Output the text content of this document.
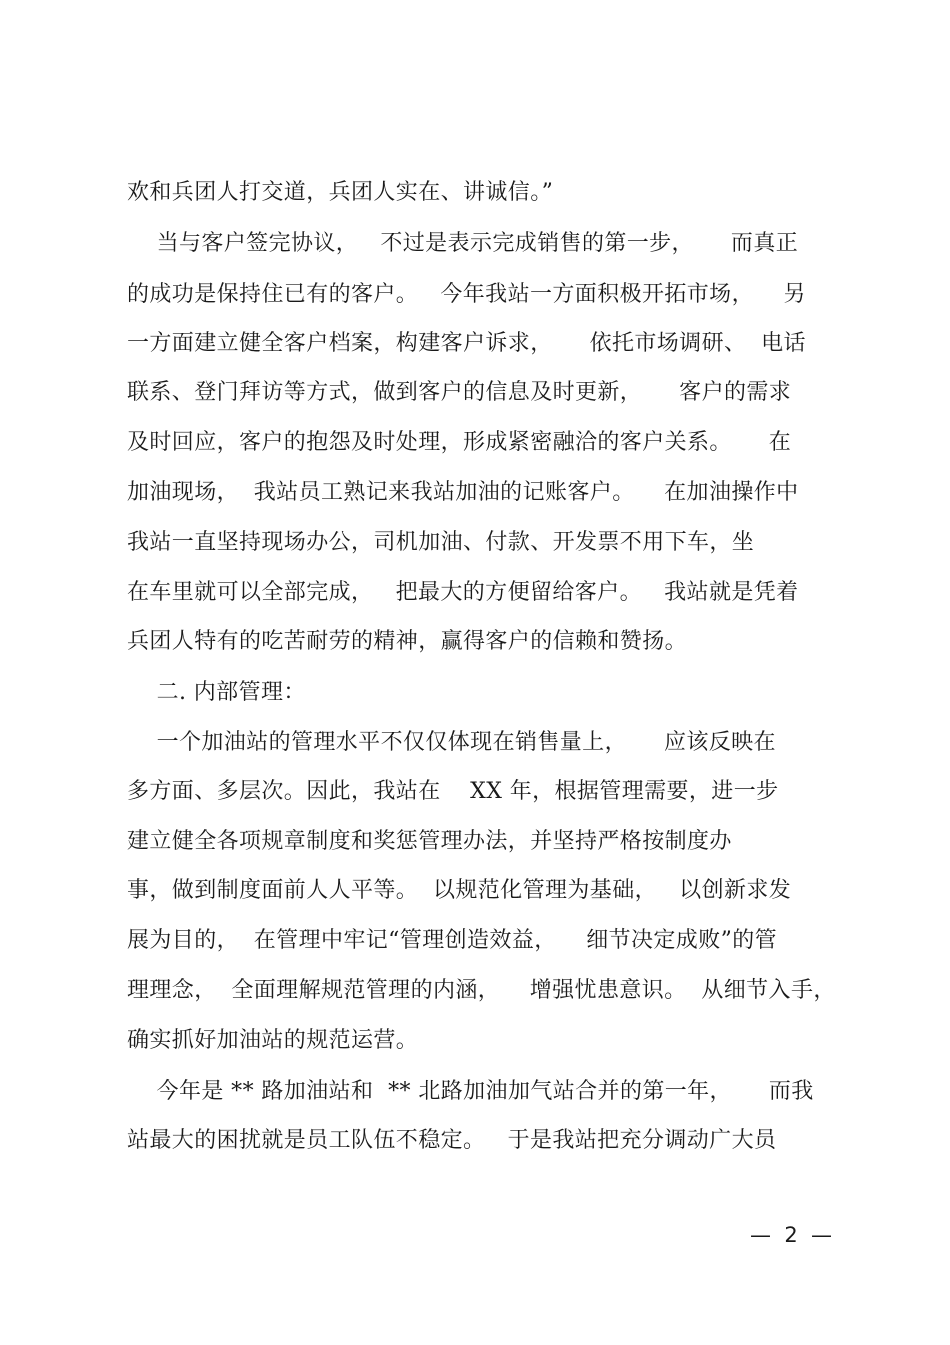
欢和兵团人打交道，兵团人实在、讲诚信。”
当与客户签完协议，   不过是表示完成销售的第一步，     而真正
的成功是保持住已有的客户。   今年我站一方面积极开拓市场，    另
一方面建立健全客户档案，构建客户诉求，     依托市场调研、  电话
联系、登门拜访等方式，做到客户的信息及时更新，     客户的需求
及时回应，客户的抱怨及时处理，形成紧密融洽的客户关系。     在
加油现场，  我站员工熟记来我站加油的记账客户。    在加油操作中
我站一直坚持现场办公，司机加油、付款、开发票不用下车，坐
在车里就可以全部完成，   把最大的方便留给客户。   我站就是凭着
兵团人特有的吃苦耐劳的精神，赢得客户的信赖和赞扬。
二. 内部管理：
一个加油站的管理水平不仅仅体现在销售量上，     应该反映在
多方面、多层次。因此，我站在    XX 年，根据管理需要，进一步
建立健全各项规章制度和奖惩管理办法，并坚持严格按制度办
事，做到制度面前人人平等。  以规范化管理为基础，   以创新求发
展为目的，  在管理中牢记“管理创造效益，    细节决定成败”的管
理理念，  全面理解规范管理的内涵，    增强忧患意识。  从细节入手，
确实抓好加油站的规范运营。
今年是 ** 路加油站和  ** 北路加油加气站合并的第一年，     而我
站最大的困扰就是员工队伍不稳定。   于是我站把充分调动广大员
—  2  —
